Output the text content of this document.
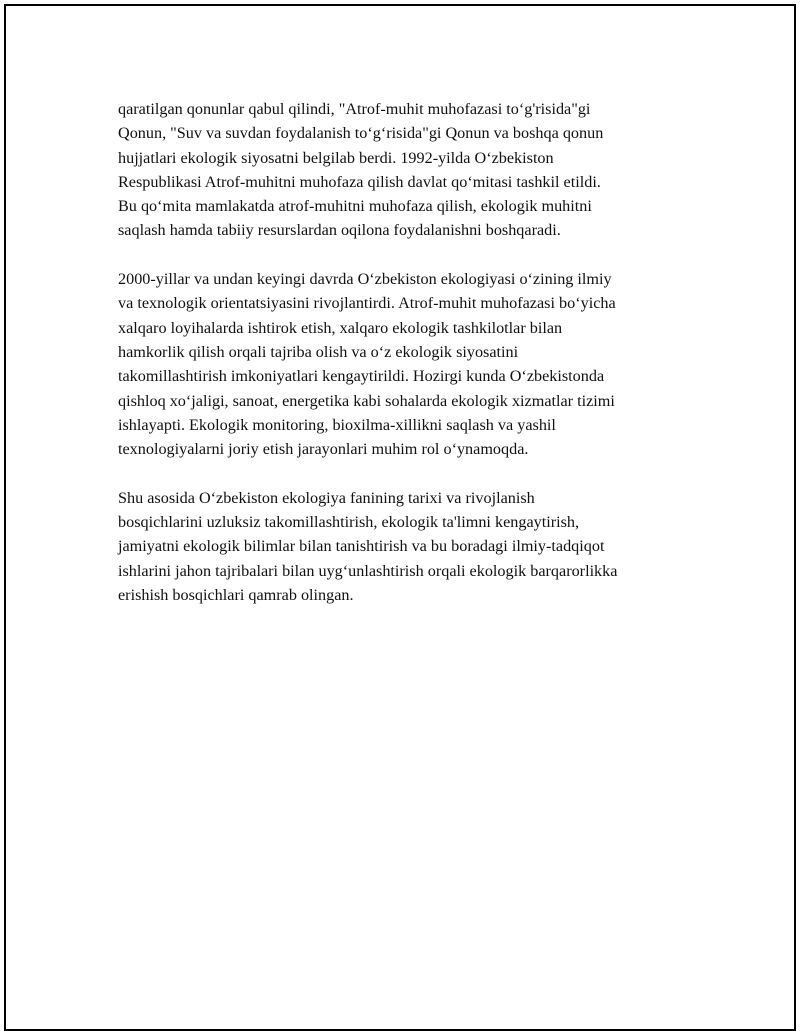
qaratilgan qonunlar qabul qilindi, "Atrof-muhit muhofazasi to‘g'risida"gi
Qonun, "Suv va suvdan foydalanish to‘g‘risida"gi Qonun va boshqa qonun
hujjatlari ekologik siyosatni belgilab berdi. 1992-yilda O‘zbekiston
Respublikasi Atrof-muhitni muhofaza qilish davlat qo‘mitasi tashkil etildi.
Bu qo‘mita mamlakatda atrof-muhitni muhofaza qilish, ekologik muhitni
saqlash hamda tabiiy resurslardan oqilona foydalanishni boshqaradi.

2000-yillar va undan keyingi davrda O‘zbekiston ekologiyasi o‘zining ilmiy
va texnologik orientatsiyasini rivojlantirdi. Atrof-muhit muhofazasi bo‘yicha
xalqaro loyihalarda ishtirok etish, xalqaro ekologik tashkilotlar bilan
hamkorlik qilish orqali tajriba olish va o‘z ekologik siyosatini
takomillashtirish imkoniyatlari kengaytirildi. Hozirgi kunda O‘zbekistonda
qishloq xo‘jaligi, sanoat, energetika kabi sohalarda ekologik xizmatlar tizimi
ishlayapti. Ekologik monitoring, bioxilma-xillikni saqlash va yashil
texnologiyalarni joriy etish jarayonlari muhim rol o‘ynamoqda.

Shu asosida O‘zbekiston ekologiya fanining tarixi va rivojlanish
bosqichlarini uzluksiz takomillashtirish, ekologik ta'limni kengaytirish,
jamiyatni ekologik bilimlar bilan tanishtirish va bu boradagi ilmiy-tadqiqot
ishlarini jahon tajribalari bilan uyg‘unlashtirish orqali ekologik barqarorlikka
erishish bosqichlari qamrab olingan.
